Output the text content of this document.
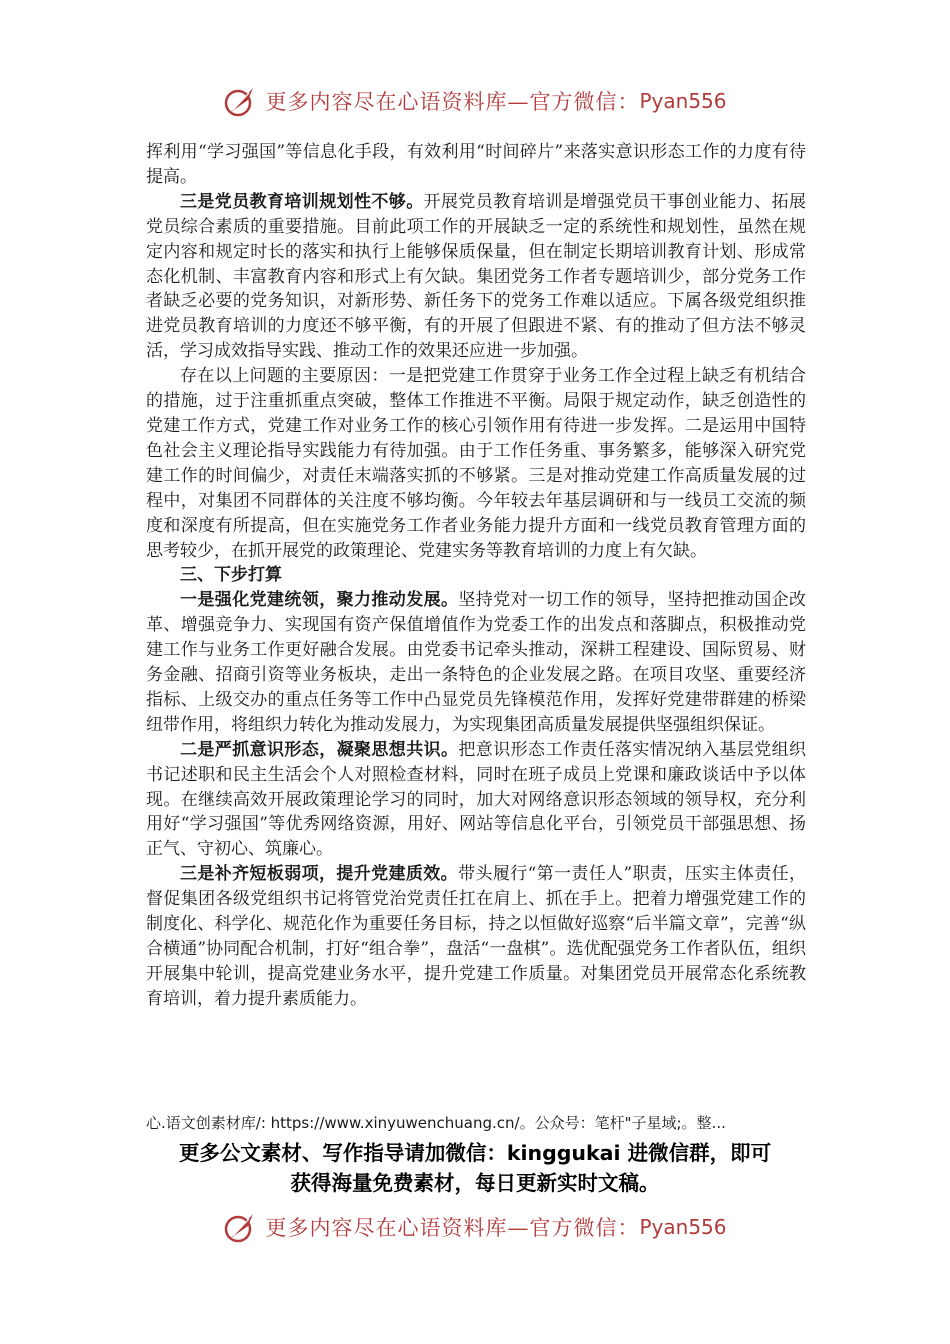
更多内容尽在心语资料库—官方微信： Pyan556

挥利用“学习强国”等信息化手段，有效利用“时间碎片”来落实意识形态工作的力度有待提高。

三是党员教育培训规划性不够。开展党员教育培训是增强党员干事创业能力、拓展党员综合素质的重要措施。目前此项工作的开展缺乏一定的系统性和规划性，虽然在规定内容和规定时长的落实和执行上能够保质保量，但在制定长期培训教育计划、形成常态化机制、丰富教育内容和形式上有欠缺。集团党务工作者专题培训少，部分党务工作者缺乏必要的党务知识，对新形势、新任务下的党务工作难以适应。下属各级党组织推进党员教育培训的力度还不够平衡，有的开展了但跟进不紧、有的推动了但方法不够灵活，学习成效指导实践、推动工作的效果还应进一步加强。

存在以上问题的主要原因：一是把党建工作贯穿于业务工作全过程上缺乏有机结合的措施，过于注重抓重点突破，整体工作推进不平衡。局限于规定动作，缺乏创造性的党建工作方式，党建工作对业务工作的核心引领作用有待进一步发挥。二是运用中国特色社会主义理论指导实践能力有待加强。由于工作任务重、事务繁多，能够深入研究党建工作的时间偏少，对责任末端落实抓的不够紧。三是对推动党建工作高质量发展的过程中，对集团不同群体的关注度不够均衡。今年较去年基层调研和与一线员工交流的频度和深度有所提高，但在实施党务工作者业务能力提升方面和一线党员教育管理方面的思考较少，在抓开展党的政策理论、党建实务等教育培训的力度上有欠缺。

三、下步打算

一是强化党建统领，聚力推动发展。坚持党对一切工作的领导，坚持把推动国企改革、增强竞争力、实现国有资产保值增值作为党委工作的出发点和落脚点，积极推动党建工作与业务工作更好融合发展。由党委书记牵头推动，深耕工程建设、国际贸易、财务金融、招商引资等业务板块，走出一条特色的企业发展之路。在项目攻坚、重要经济指标、上级交办的重点任务等工作中凸显党员先锋模范作用，发挥好党建带群建的桥梁纽带作用，将组织力转化为推动发展力，为实现集团高质量发展提供坚强组织保证。

二是严抓意识形态，凝聚思想共识。把意识形态工作责任落实情况纳入基层党组织书记述职和民主生活会个人对照检查材料，同时在班子成员上党课和廉政谈话中予以体现。在继续高效开展政策理论学习的同时，加大对网络意识形态领域的领导权，充分利用好“学习强国”等优秀网络资源，用好、网站等信息化平台，引领党员干部强思想、扬正气、守初心、筑廉心。

三是补齐短板弱项，提升党建质效。带头履行“第一责任人”职责，压实主体责任，督促集团各级党组织书记将管党治党责任扛在肩上、抓在手上。把着力增强党建工作的制度化、科学化、规范化作为重要任务目标，持之以恒做好巡察“后半篇文章”，完善“纵合横通”协同配合机制，打好“组合拳”，盘活“一盘棋”。选优配强党务工作者队伍，组织开展集中轮训，提高党建业务水平，提升党建工作质量。对集团党员开展常态化系统教育培训，着力提升素质能力。

心.语文创素材库/: https://www.xinyuwenchuang.cn/。公众号：笔杆"子星域;。整...
更多公文素材、写作指导请加微信：kinggukai 进微信群，即可
获得海量免费素材，每日更新实时文稿。
更多内容尽在心语资料库—官方微信： Pyan556
